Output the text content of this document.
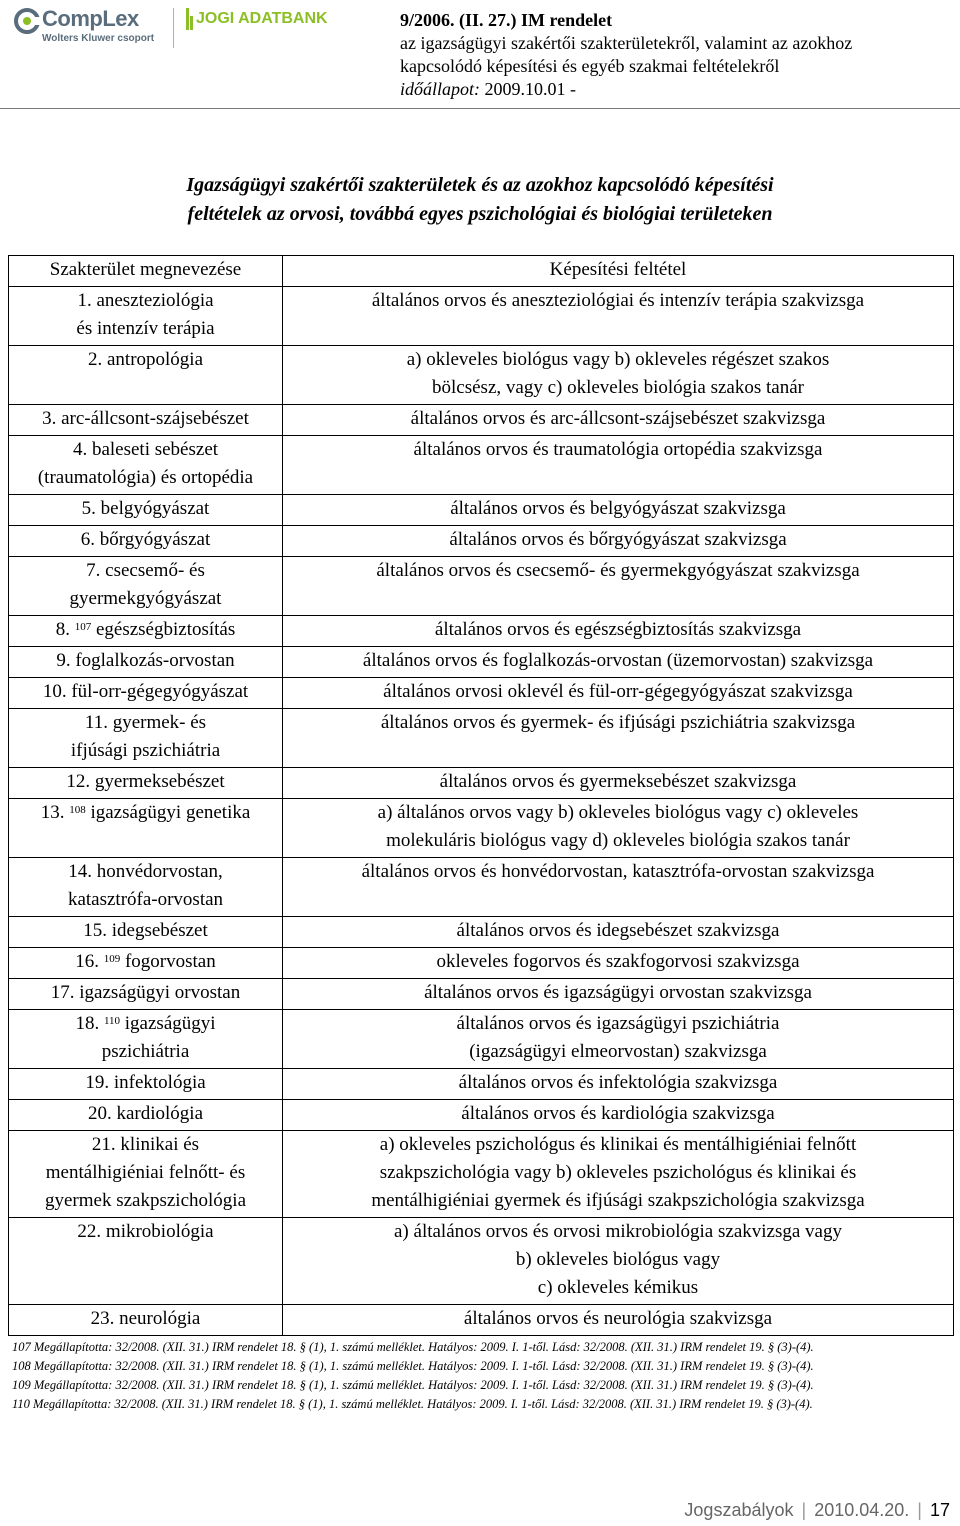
CompLex
Wolters Kluwer csoport
JOGI ADATBANK	9/2006. (II. 27.) IM rendelet
az igazságügyi szakértői szakterületekről, valamint az azokhoz
kapcsolódó képesítési és egyéb szakmai feltételekről
időállapot: 2009.10.01 -
Igazságügyi szakértői szakterületek és az azokhoz kapcsolódó képesítési
feltételek az orvosi, továbbá egyes pszichológiai és biológiai területeken
Szakterület megnevezése	Képesítési feltétel
1. aneszteziológia
és intenzív terápia	általános orvos és aneszteziológiai és intenzív terápia szakvizsga
2. antropológia	a) okleveles biológus vagy b) okleveles régészet szakos
bölcsész, vagy c) okleveles biológia szakos tanár
3. arc-állcsont-szájsebészet	általános orvos és arc-állcsont-szájsebészet szakvizsga
4. baleseti sebészet
(traumatológia) és ortopédia	általános orvos és traumatológia ortopédia szakvizsga
5. belgyógyászat	általános orvos és belgyógyászat szakvizsga
6. bőrgyógyászat	általános orvos és bőrgyógyászat szakvizsga
7. csecsemő- és
gyermekgyógyászat	általános orvos és csecsemő- és gyermekgyógyászat szakvizsga
8. $^{107}$ egészségbiztosítás	általános orvos és egészségbiztosítás szakvizsga
9. foglalkozás-orvostan	általános orvos és foglalkozás-orvostan (üzemorvostan) szakvizsga
10. fül-orr-gégegyógyászat	általános orvosi oklevél és fül-orr-gégegyógyászat szakvizsga
11. gyermek- és
ifjúsági pszichiátria	általános orvos és gyermek- és ifjúsági pszichiátria szakvizsga
12. gyermeksebészet	általános orvos és gyermeksebészet szakvizsga
13. $^{108}$ igazságügyi genetika	a) általános orvos vagy b) okleveles biológus vagy c) okleveles
molekuláris biológus vagy d) okleveles biológia szakos tanár
14. honvédorvostan,
katasztrófa-orvostan	általános orvos és honvédorvostan, katasztrófa-orvostan szakvizsga
15. idegsebészet	általános orvos és idegsebészet szakvizsga
16. $^{109}$ fogorvostan	okleveles fogorvos és szakfogorvosi szakvizsga
17. igazságügyi orvostan	általános orvos és igazságügyi orvostan szakvizsga
18. $^{110}$ igazságügyi
pszichiátria	általános orvos és igazságügyi pszichiátria
(igazságügyi elmeorvostan) szakvizsga
19. infektológia	általános orvos és infektológia szakvizsga
20. kardiológia	általános orvos és kardiológia szakvizsga
21. klinikai és
mentálhigiéniai felnőtt- és
gyermek szakpszichológia	a) okleveles pszichológus és klinikai és mentálhigiéniai felnőtt
szakpszichológia vagy b) okleveles pszichológus és klinikai és
mentálhigiéniai gyermek és ifjúsági szakpszichológia szakvizsga
22. mikrobiológia	a) általános orvos és orvosi mikrobiológia szakvizsga vagy
b) okleveles biológus vagy
c) okleveles kémikus
23. neurológia	általános orvos és neurológia szakvizsga
107 Megállapította: 32/2008. (XII. 31.) IRM rendelet 18. § (1), 1. számú melléklet. Hatályos: 2009. I. 1-től. Lásd: 32/2008. (XII. 31.) IRM rendelet 19. § (3)-(4).
108 Megállapította: 32/2008. (XII. 31.) IRM rendelet 18. § (1), 1. számú melléklet. Hatályos: 2009. I. 1-től. Lásd: 32/2008. (XII. 31.) IRM rendelet 19. § (3)-(4).
109 Megállapította: 32/2008. (XII. 31.) IRM rendelet 18. § (1), 1. számú melléklet. Hatályos: 2009. I. 1-től. Lásd: 32/2008. (XII. 31.) IRM rendelet 19. § (3)-(4).
110 Megállapította: 32/2008. (XII. 31.) IRM rendelet 18. § (1), 1. számú melléklet. Hatályos: 2009. I. 1-től. Lásd: 32/2008. (XII. 31.) IRM rendelet 19. § (3)-(4).
Jogszabályok | 2010.04.20. | 17
